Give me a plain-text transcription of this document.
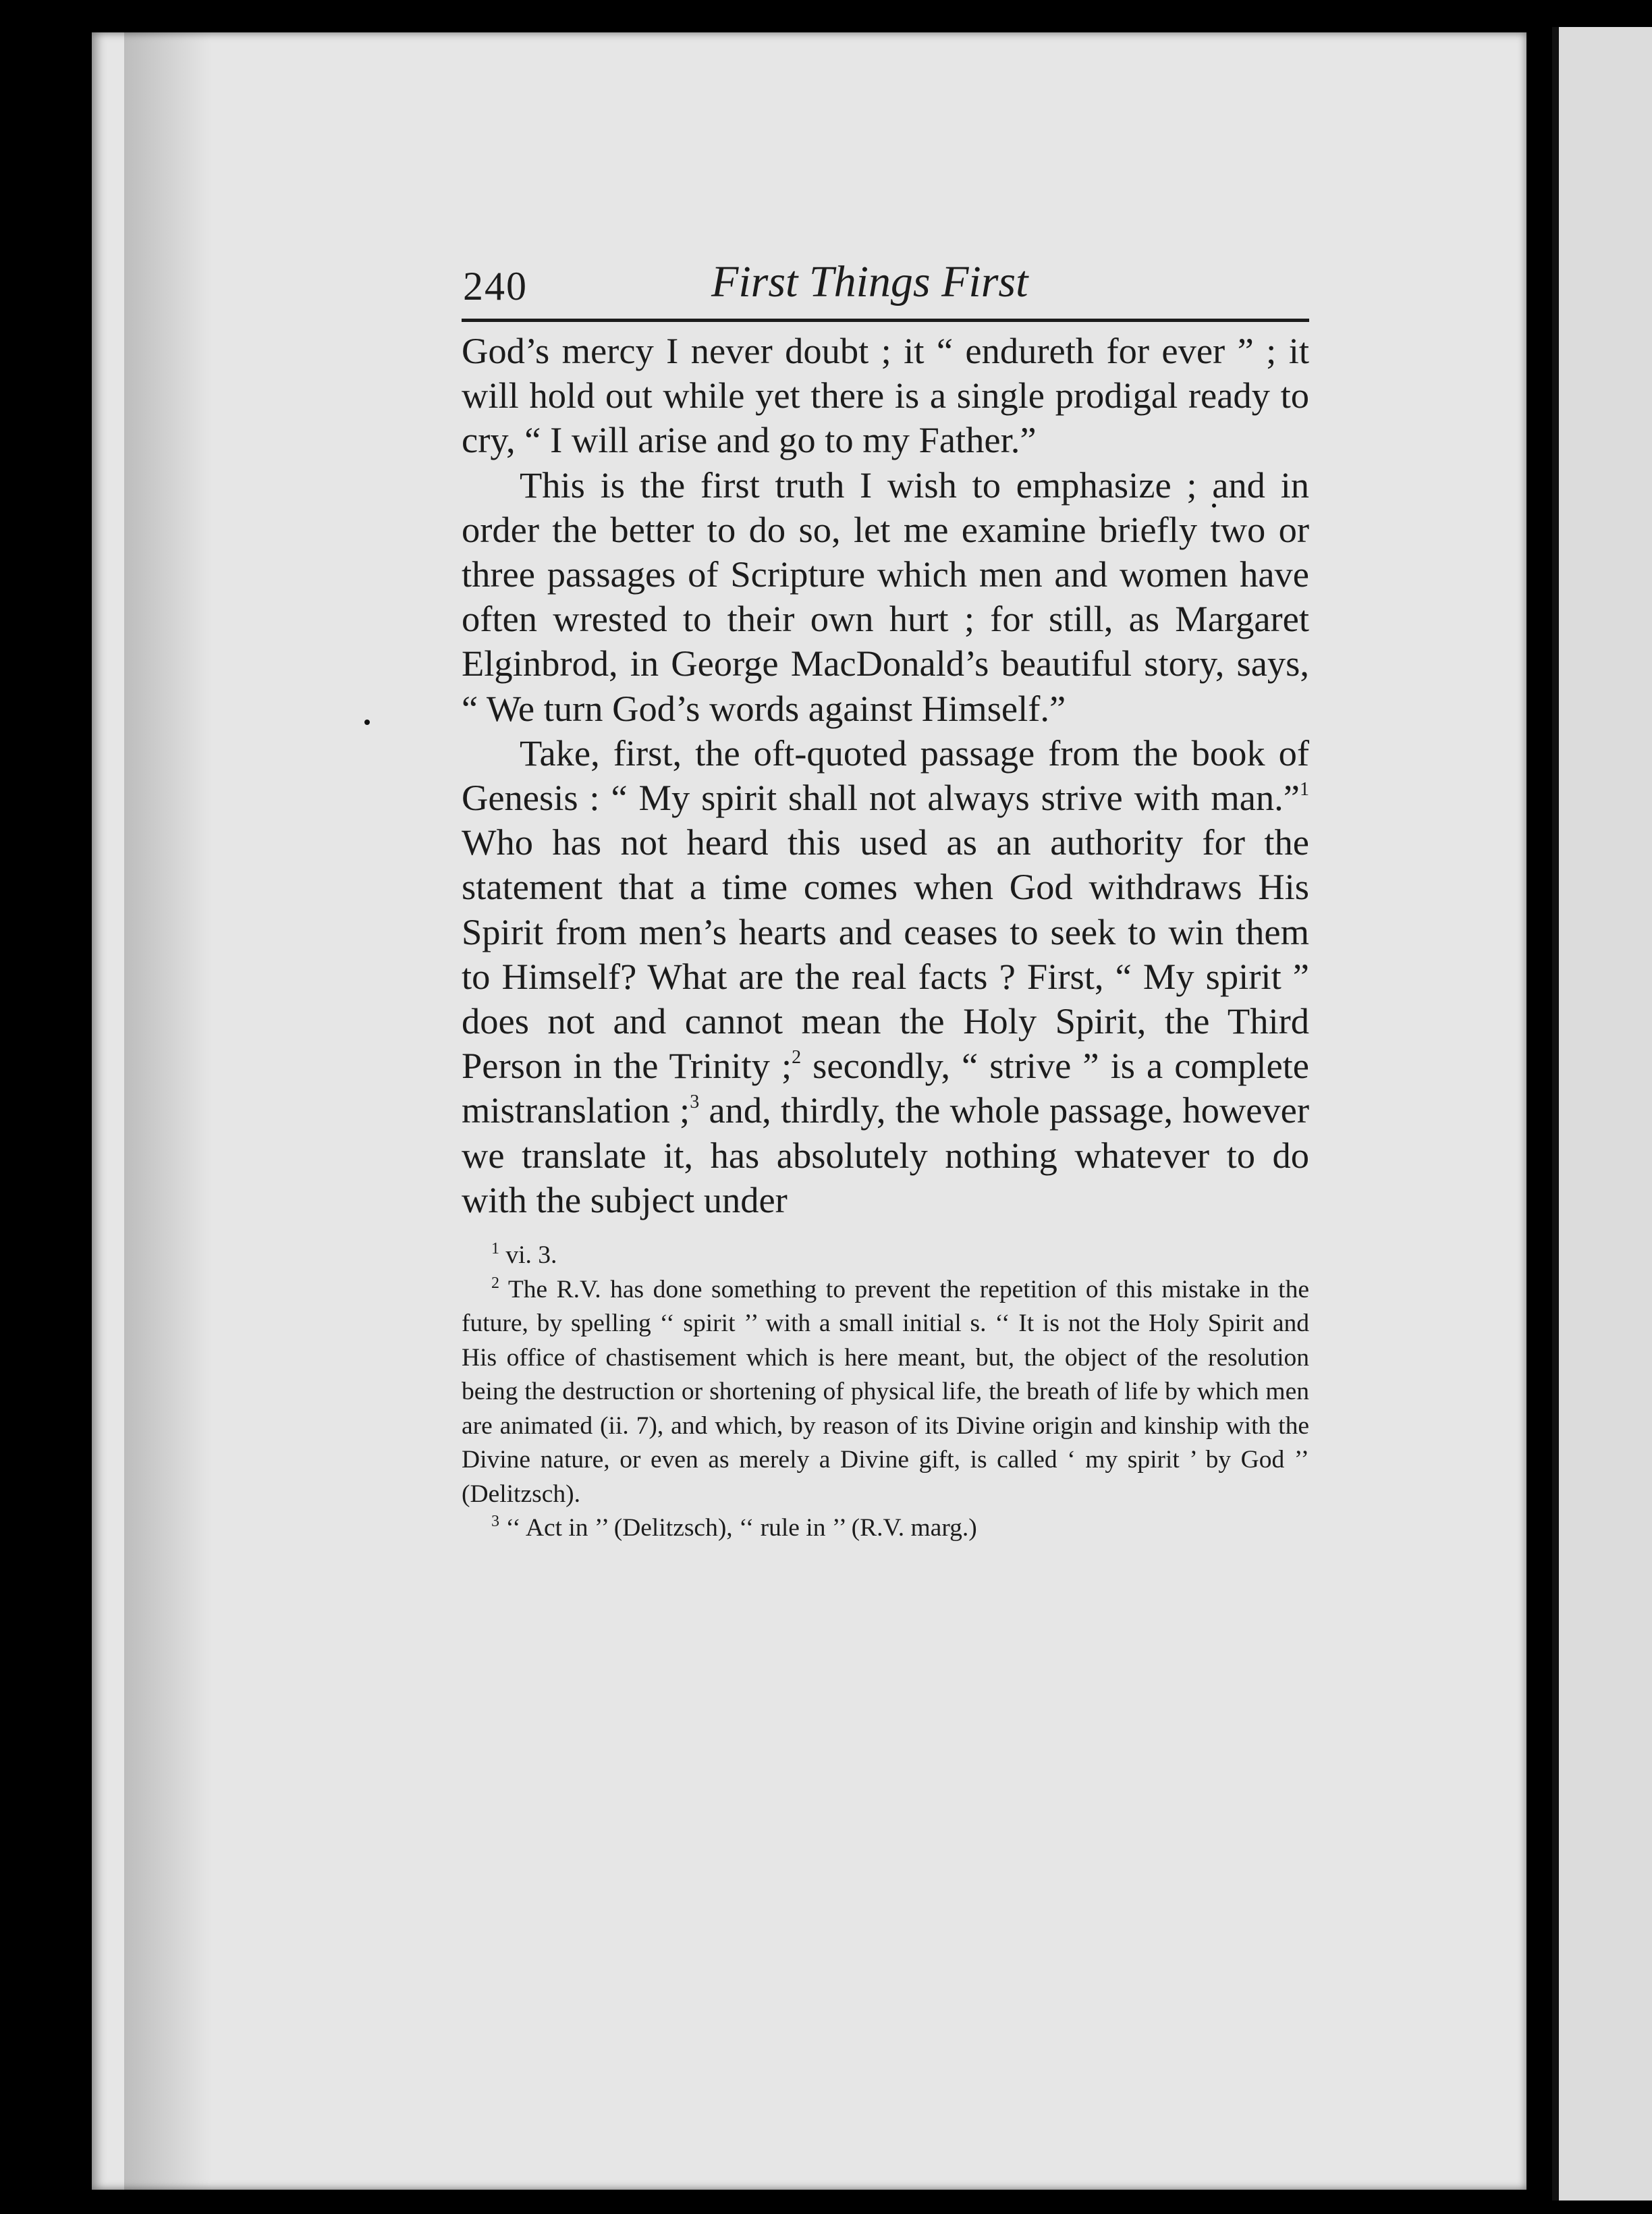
240	First Things First

God’s mercy I never doubt ; it “ endureth for ever ” ; it will hold out while yet there is a single prodigal ready to cry, “ I will arise and go to my Father.”

This is the first truth I wish to emphasize ; and in order the better to do so, let me examine briefly two or three passages of Scripture which men and women have often wrested to their own hurt ; for still, as Margaret Elginbrod, in George MacDonald’s beautiful story, says, “ We turn God’s words against Himself.”

Take, first, the oft-quoted passage from the book of Genesis : “ My spirit shall not always strive with man.”$^1$ Who has not heard this used as an authority for the statement that a time comes when God withdraws His Spirit from men’s hearts and ceases to seek to win them to Himself? What are the real facts ? First, “ My spirit ” does not and cannot mean the Holy Spirit, the Third Person in the Trinity ;$^2$ secondly, “ strive ” is a complete mistranslation ;$^3$ and, thirdly, the whole passage, however we translate it, has absolutely nothing whatever to do with the subject under

$^1$ vi. 3.

$^2$ The R.V. has done something to prevent the repetition of this mistake in the future, by spelling ‘‘ spirit ’’ with a small initial s. ‘‘ It is not the Holy Spirit and His office of chastisement which is here meant, but, the object of the resolution being the destruction or shortening of physical life, the breath of life by which men are animated (ii. 7), and which, by reason of its Divine origin and kinship with the Divine nature, or even as merely a Divine gift, is called ‘ my spirit ’ by God ’’ (Delitzsch).

$^3$ ‘‘ Act in ’’ (Delitzsch), ‘‘ rule in ’’ (R.V. marg.)
